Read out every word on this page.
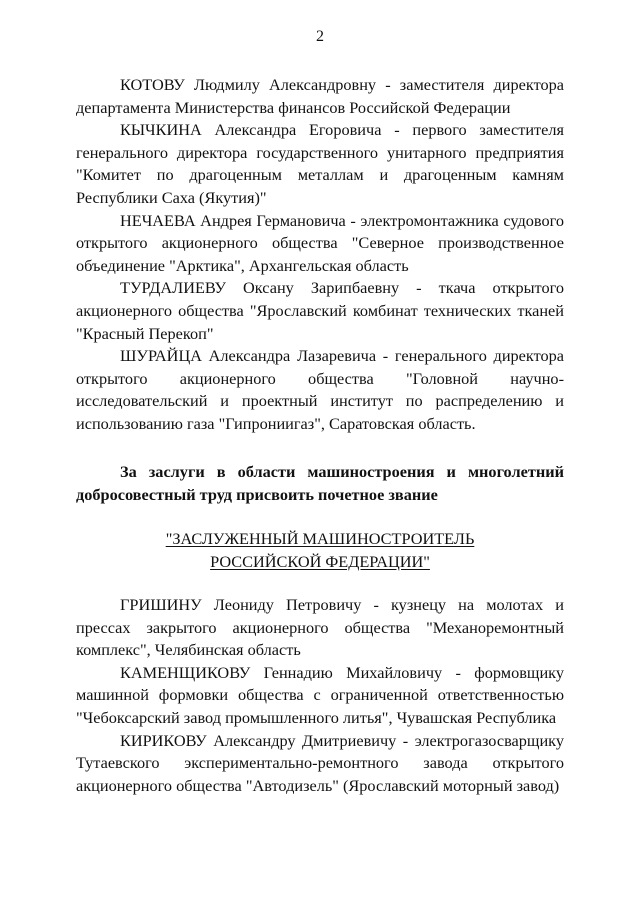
2

КОТОВУ Людмилу Александровну - заместителя директора департамента Министерства финансов Российской Федерации

КЫЧКИНА Александра Егоровича - первого заместителя генерального директора государственного унитарного предприятия "Комитет по драгоценным металлам и драгоценным камням Республики Саха (Якутия)"

НЕЧАЕВА Андрея Германовича - электромонтажника судового открытого акционерного общества "Северное производственное объединение "Арктика", Архангельская область

ТУРДАЛИЕВУ Оксану Зарипбаевну - ткача открытого акционерного общества "Ярославский комбинат технических тканей "Красный Перекоп"

ШУРАЙЦА Александра Лазаревича - генерального директора открытого акционерного общества "Головной научно-исследовательский и проектный институт по распределению и использованию газа "Гипрониигаз", Саратовская область.

За заслуги в области машиностроения и многолетний добросовестный труд присвоить почетное звание

"ЗАСЛУЖЕННЫЙ МАШИНОСТРОИТЕЛЬ
РОССИЙСКОЙ ФЕДЕРАЦИИ"

ГРИШИНУ Леониду Петровичу - кузнецу на молотах и прессах закрытого акционерного общества "Механоремонтный комплекс", Челябинская область

КАМЕНЩИКОВУ Геннадию Михайловичу - формовщику машинной формовки общества с ограниченной ответственностью "Чебоксарский завод промышленного литья", Чувашская Республика

КИРИКОВУ Александру Дмитриевичу - электрогазосварщику Тутаевского экспериментально-ремонтного завода открытого акционерного общества "Автодизель" (Ярославский моторный завод)
